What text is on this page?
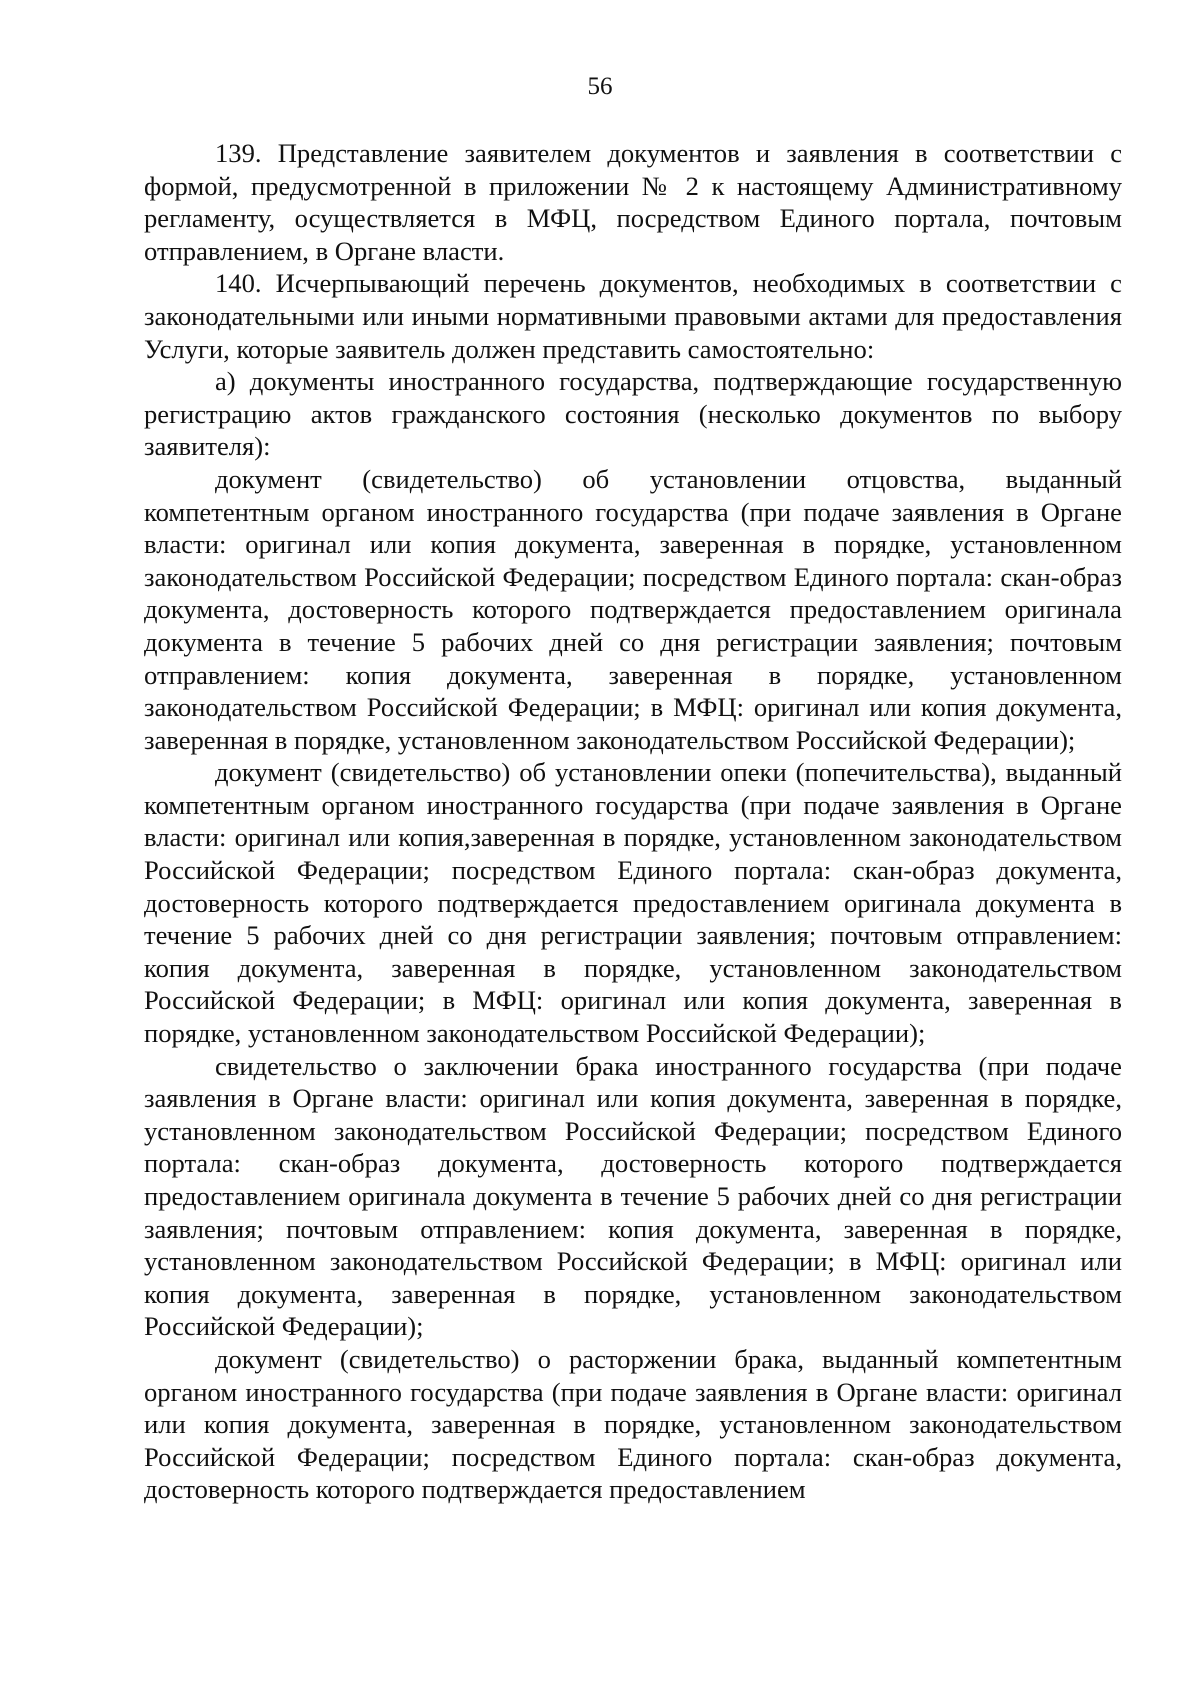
56

139. Представление заявителем документов и заявления в соответствии с формой, предусмотренной в приложении № 2 к настоящему Административному регламенту, осуществляется в МФЦ, посредством Единого портала, почтовым отправлением, в Органе власти.

140. Исчерпывающий перечень документов, необходимых в соответствии с законодательными или иными нормативными правовыми актами для предоставления Услуги, которые заявитель должен представить самостоятельно:

а) документы иностранного государства, подтверждающие государственную регистрацию актов гражданского состояния (несколько документов по выбору заявителя):

документ (свидетельство) об установлении отцовства, выданный компетентным органом иностранного государства (при подаче заявления в Органе власти: оригинал или копия документа, заверенная в порядке, установленном законодательством Российской Федерации; посредством Единого портала: скан-образ документа, достоверность которого подтверждается предоставлением оригинала документа в течение 5 рабочих дней со дня регистрации заявления; почтовым отправлением: копия документа, заверенная в порядке, установленном законодательством Российской Федерации; в МФЦ: оригинал или копия документа, заверенная в порядке, установленном законодательством Российской Федерации);

документ (свидетельство) об установлении опеки (попечительства), выданный компетентным органом иностранного государства (при подаче заявления в Органе власти: оригинал или копия,заверенная в порядке, установленном законодательством Российской Федерации; посредством Единого портала: скан-образ документа, достоверность которого подтверждается предоставлением оригинала документа в течение 5 рабочих дней со дня регистрации заявления; почтовым отправлением: копия документа, заверенная в порядке, установленном законодательством Российской Федерации; в МФЦ: оригинал или копия документа, заверенная в порядке, установленном законодательством Российской Федерации);

свидетельство о заключении брака иностранного государства (при подаче заявления в Органе власти: оригинал или копия документа, заверенная в порядке, установленном законодательством Российской Федерации; посредством Единого портала: скан-образ документа, достоверность которого подтверждается предоставлением оригинала документа в течение 5 рабочих дней со дня регистрации заявления; почтовым отправлением: копия документа, заверенная в порядке, установленном законодательством Российской Федерации; в МФЦ: оригинал или копия документа, заверенная в порядке, установленном законодательством Российской Федерации);

документ (свидетельство) о расторжении брака, выданный компетентным органом иностранного государства (при подаче заявления в Органе власти: оригинал или копия документа, заверенная в порядке, установленном законодательством Российской Федерации; посредством Единого портала: скан-образ документа, достоверность которого подтверждается предоставлением
